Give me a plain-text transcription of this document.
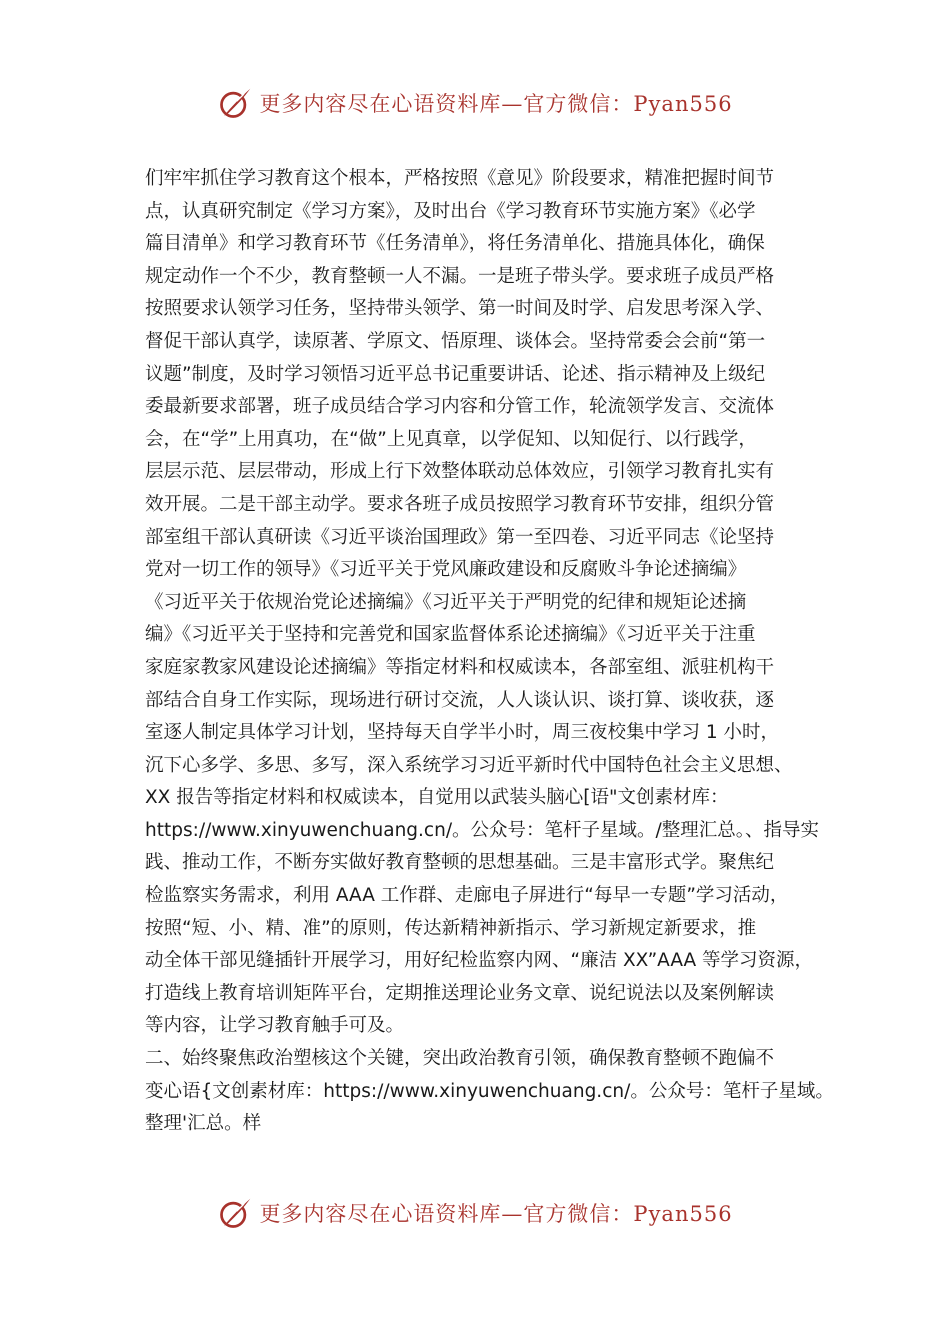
更多内容尽在心语资料库—官方微信：Pyan556
们牢牢抓住学习教育这个根本，严格按照《意见》阶段要求，精准把握时间节
点，认真研究制定《学习方案》，及时出台《学习教育环节实施方案》《必学
篇目清单》和学习教育环节《任务清单》，将任务清单化、措施具体化，确保
规定动作一个不少，教育整顿一人不漏。一是班子带头学。要求班子成员严格
按照要求认领学习任务，坚持带头领学、第一时间及时学、启发思考深入学、
督促干部认真学，读原著、学原文、悟原理、谈体会。坚持常委会会前“第一
议题”制度，及时学习领悟习近平总书记重要讲话、论述、指示精神及上级纪
委最新要求部署，班子成员结合学习内容和分管工作，轮流领学发言、交流体
会，在“学”上用真功，在“做”上见真章，以学促知、以知促行、以行践学，
层层示范、层层带动，形成上行下效整体联动总体效应，引领学习教育扎实有
效开展。二是干部主动学。要求各班子成员按照学习教育环节安排，组织分管
部室组干部认真研读《习近平谈治国理政》第一至四卷、习近平同志《论坚持
党对一切工作的领导》《习近平关于党风廉政建设和反腐败斗争论述摘编》
《习近平关于依规治党论述摘编》《习近平关于严明党的纪律和规矩论述摘
编》《习近平关于坚持和完善党和国家监督体系论述摘编》《习近平关于注重
家庭家教家风建设论述摘编》等指定材料和权威读本，各部室组、派驻机构干
部结合自身工作实际，现场进行研讨交流，人人谈认识、谈打算、谈收获，逐
室逐人制定具体学习计划，坚持每天自学半小时，周三夜校集中学习 1 小时，
沉下心多学、多思、多写，深入系统学习习近平新时代中国特色社会主义思想、
XX 报告等指定材料和权威读本，自觉用以武装头脑心[语"文创素材库：
https://www.xinyuwenchuang.cn/。公众号：笔杆子星域。/整理汇总。、指导实
践、推动工作，不断夯实做好教育整顿的思想基础。三是丰富形式学。聚焦纪
检监察实务需求，利用 AAA 工作群、走廊电子屏进行“每早一专题”学习活动，
按照“短、小、精、准”的原则，传达新精神新指示、学习新规定新要求，推
动全体干部见缝插针开展学习，用好纪检监察内网、“廉洁 XX”AAA 等学习资源，
打造线上教育培训矩阵平台，定期推送理论业务文章、说纪说法以及案例解读
等内容，让学习教育触手可及。
二、始终聚焦政治塑核这个关键，突出政治教育引领，确保教育整顿不跑偏不
变心语{文创素材库：https://www.xinyuwenchuang.cn/。公众号：笔杆子星域。
整理'汇总。样
更多内容尽在心语资料库—官方微信：Pyan556
